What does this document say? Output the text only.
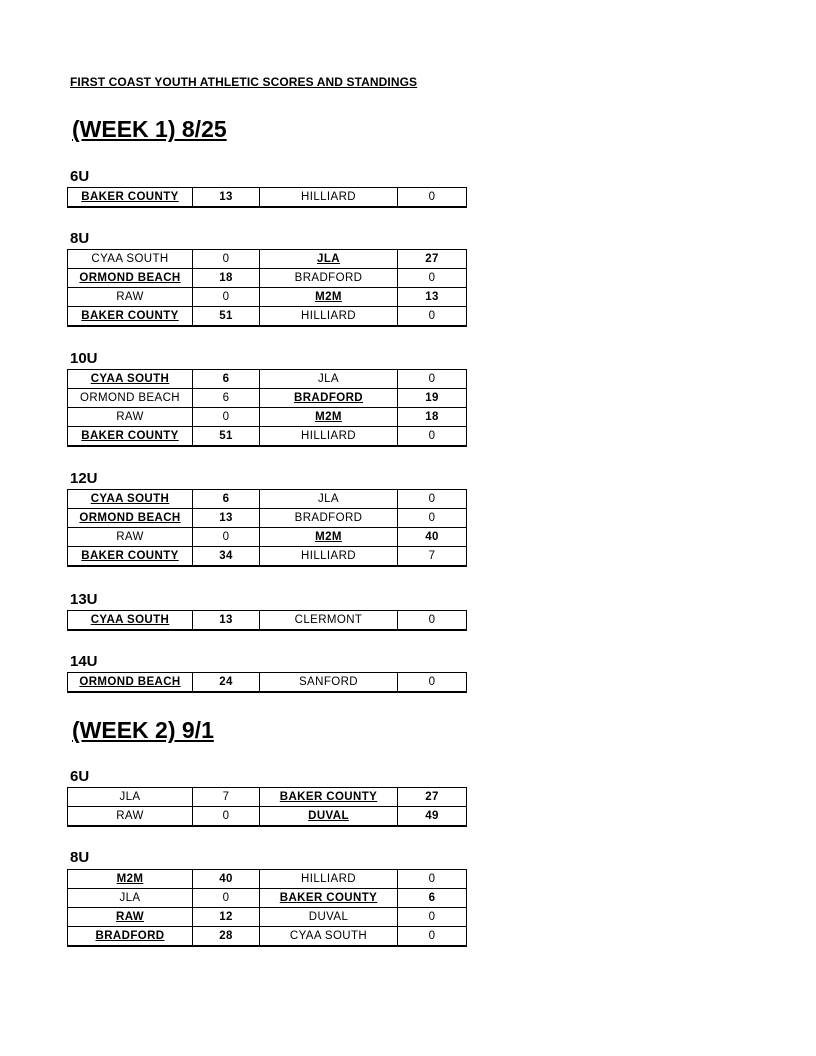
FIRST COAST YOUTH ATHLETIC SCORES AND STANDINGS

(WEEK 1) 8/25
6U
BAKER COUNTY	13	HILLIARD	0
8U
CYAA SOUTH	0	JLA	27
ORMOND BEACH	18	BRADFORD	0
RAW	0	M2M	13
BAKER COUNTY	51	HILLIARD	0
10U
CYAA SOUTH	6	JLA	0
ORMOND BEACH	6	BRADFORD	19
RAW	0	M2M	18
BAKER COUNTY	51	HILLIARD	0
12U
CYAA SOUTH	6	JLA	0
ORMOND BEACH	13	BRADFORD	0
RAW	0	M2M	40
BAKER COUNTY	34	HILLIARD	7
13U
CYAA SOUTH	13	CLERMONT	0
14U
ORMOND BEACH	24	SANFORD	0
(WEEK 2) 9/1
6U
JLA	7	BAKER COUNTY	27
RAW	0	DUVAL	49
8U
M2M	40	HILLIARD	0
JLA	0	BAKER COUNTY	6
RAW	12	DUVAL	0
BRADFORD	28	CYAA SOUTH	0
